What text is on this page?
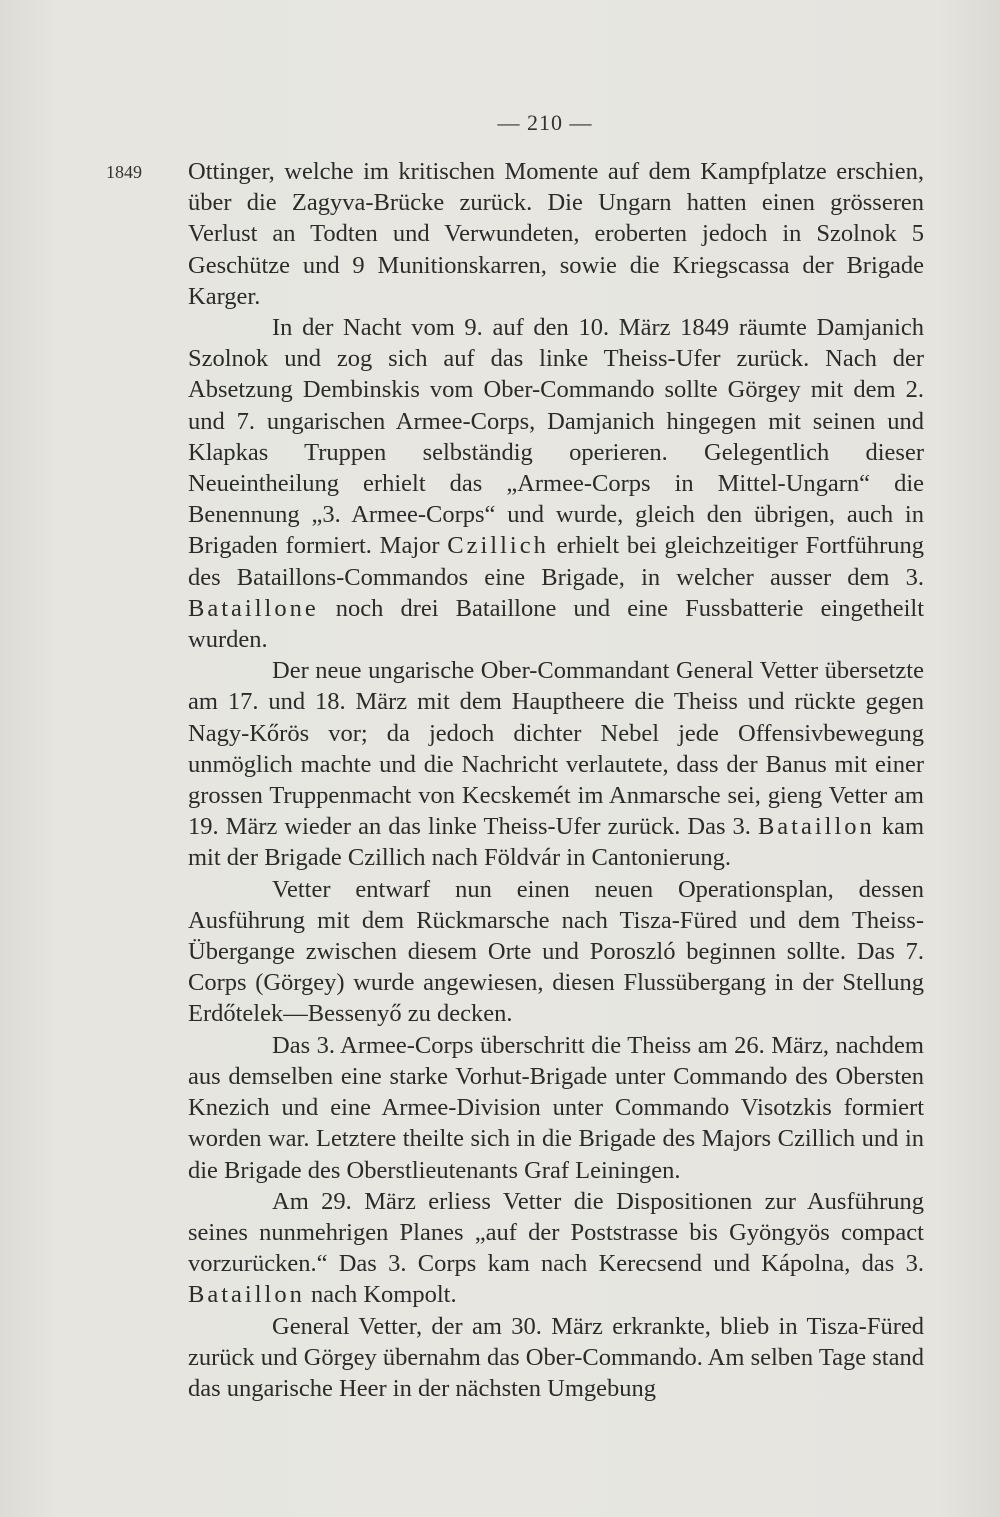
— 210 —
1849 Ottinger, welche im kritischen Momente auf dem Kampfplatze erschien, über die Zagyva-Brücke zurück. Die Ungarn hatten einen grösseren Verlust an Todten und Verwundeten, eroberten jedoch in Szolnok 5 Geschütze und 9 Munitionskarren, sowie die Kriegscassa der Brigade Karger.

In der Nacht vom 9. auf den 10. März 1849 räumte Damjanich Szolnok und zog sich auf das linke Theiss-Ufer zurück. Nach der Absetzung Dembinskis vom Ober-Commando sollte Görgey mit dem 2. und 7. ungarischen Armee-Corps, Damjanich hingegen mit seinen und Klapkas Truppen selbständig operieren. Gelegentlich dieser Neueintheilung erhielt das „Armee-Corps in Mittel-Ungarn“ die Benennung „3. Armee-Corps“ und wurde, gleich den übrigen, auch in Brigaden formiert. Major Czillich erhielt bei gleichzeitiger Fortführung des Bataillons-Commandos eine Brigade, in welcher ausser dem 3. Bataillone noch drei Bataillone und eine Fussbatterie eingetheilt wurden.

Der neue ungarische Ober-Commandant General Vetter übersetzte am 17. und 18. März mit dem Hauptheere die Theiss und rückte gegen Nagy-Kőrös vor; da jedoch dichter Nebel jede Offensivbewegung unmöglich machte und die Nachricht verlautete, dass der Banus mit einer grossen Truppenmacht von Kecskemét im Anmarsche sei, gieng Vetter am 19. März wieder an das linke Theiss-Ufer zurück. Das 3. Bataillon kam mit der Brigade Czillich nach Földvár in Cantonierung.

Vetter entwarf nun einen neuen Operationsplan, dessen Ausführung mit dem Rückmarsche nach Tisza-Füred und dem Theiss-Übergange zwischen diesem Orte und Poroszló beginnen sollte. Das 7. Corps (Görgey) wurde angewiesen, diesen Flussübergang in der Stellung Erdőtelek—Bessenyő zu decken.

Das 3. Armee-Corps überschritt die Theiss am 26. März, nachdem aus demselben eine starke Vorhut-Brigade unter Commando des Obersten Knezich und eine Armee-Division unter Commando Visotzkis formiert worden war. Letztere theilte sich in die Brigade des Majors Czillich und in die Brigade des Oberstlieutenants Graf Leiningen.

Am 29. März erliess Vetter die Dispositionen zur Ausführung seines nunmehrigen Planes „auf der Poststrasse bis Gyöngyös compact vorzurücken.“ Das 3. Corps kam nach Kerecsend und Kápolna, das 3. Bataillon nach Kompolt.

General Vetter, der am 30. März erkrankte, blieb in Tisza-Füred zurück und Görgey übernahm das Ober-Commando. Am selben Tage stand das ungarische Heer in der nächsten Umgebung
